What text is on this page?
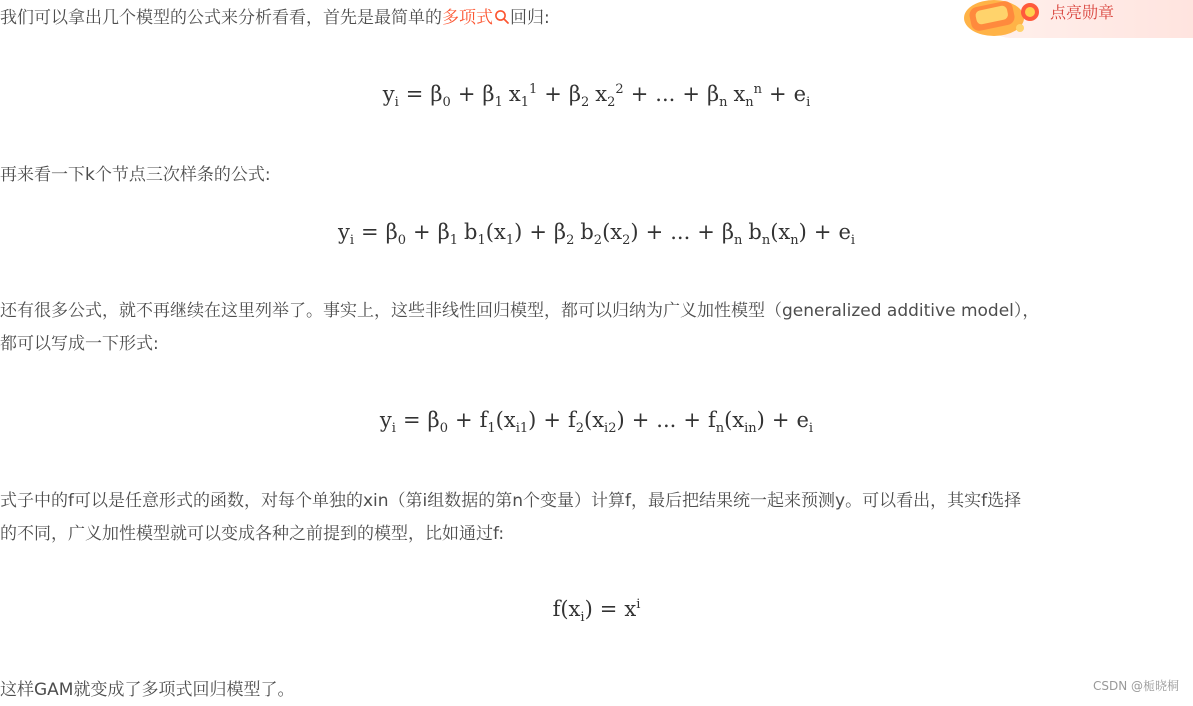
我们可以拿出几个模型的公式来分析看看，首先是最简单的多项式 回归:
$y_i = \beta_0 + \beta_1$ $x_1^1 + \beta_2$ $x_2^2$ + ... + $\beta_n$ $x_n^n + e_i$
再来看一下k个节点三次样条的公式:
$y_i = \beta_0 + \beta_1$ $b_1(x_1) + \beta_2$ $b_2(x_2)$ + ... + $\beta_n$ $b_n(x_n) + e_i$
还有很多公式，就不再继续在这里列举了。事实上，这些非线性回归模型，都可以归纳为广义加性模型（generalized additive model），
都可以写成一下形式:
$y_i = \beta_0 + f_1(x_{i1}) + f_2(x_{i2})$ + ... + $f_n(x_{in}) + e_i$
式子中的f可以是任意形式的函数，对每个单独的xin（第i组数据的第n个变量）计算f，最后把结果统一起来预测y。可以看出，其实f选择
的不同，广义加性模型就可以变成各种之前提到的模型，比如通过f:
$f(x_i) = x^i$
这样GAM就变成了多项式回归模型了。
点亮勋章
CSDN @栀晓桐
